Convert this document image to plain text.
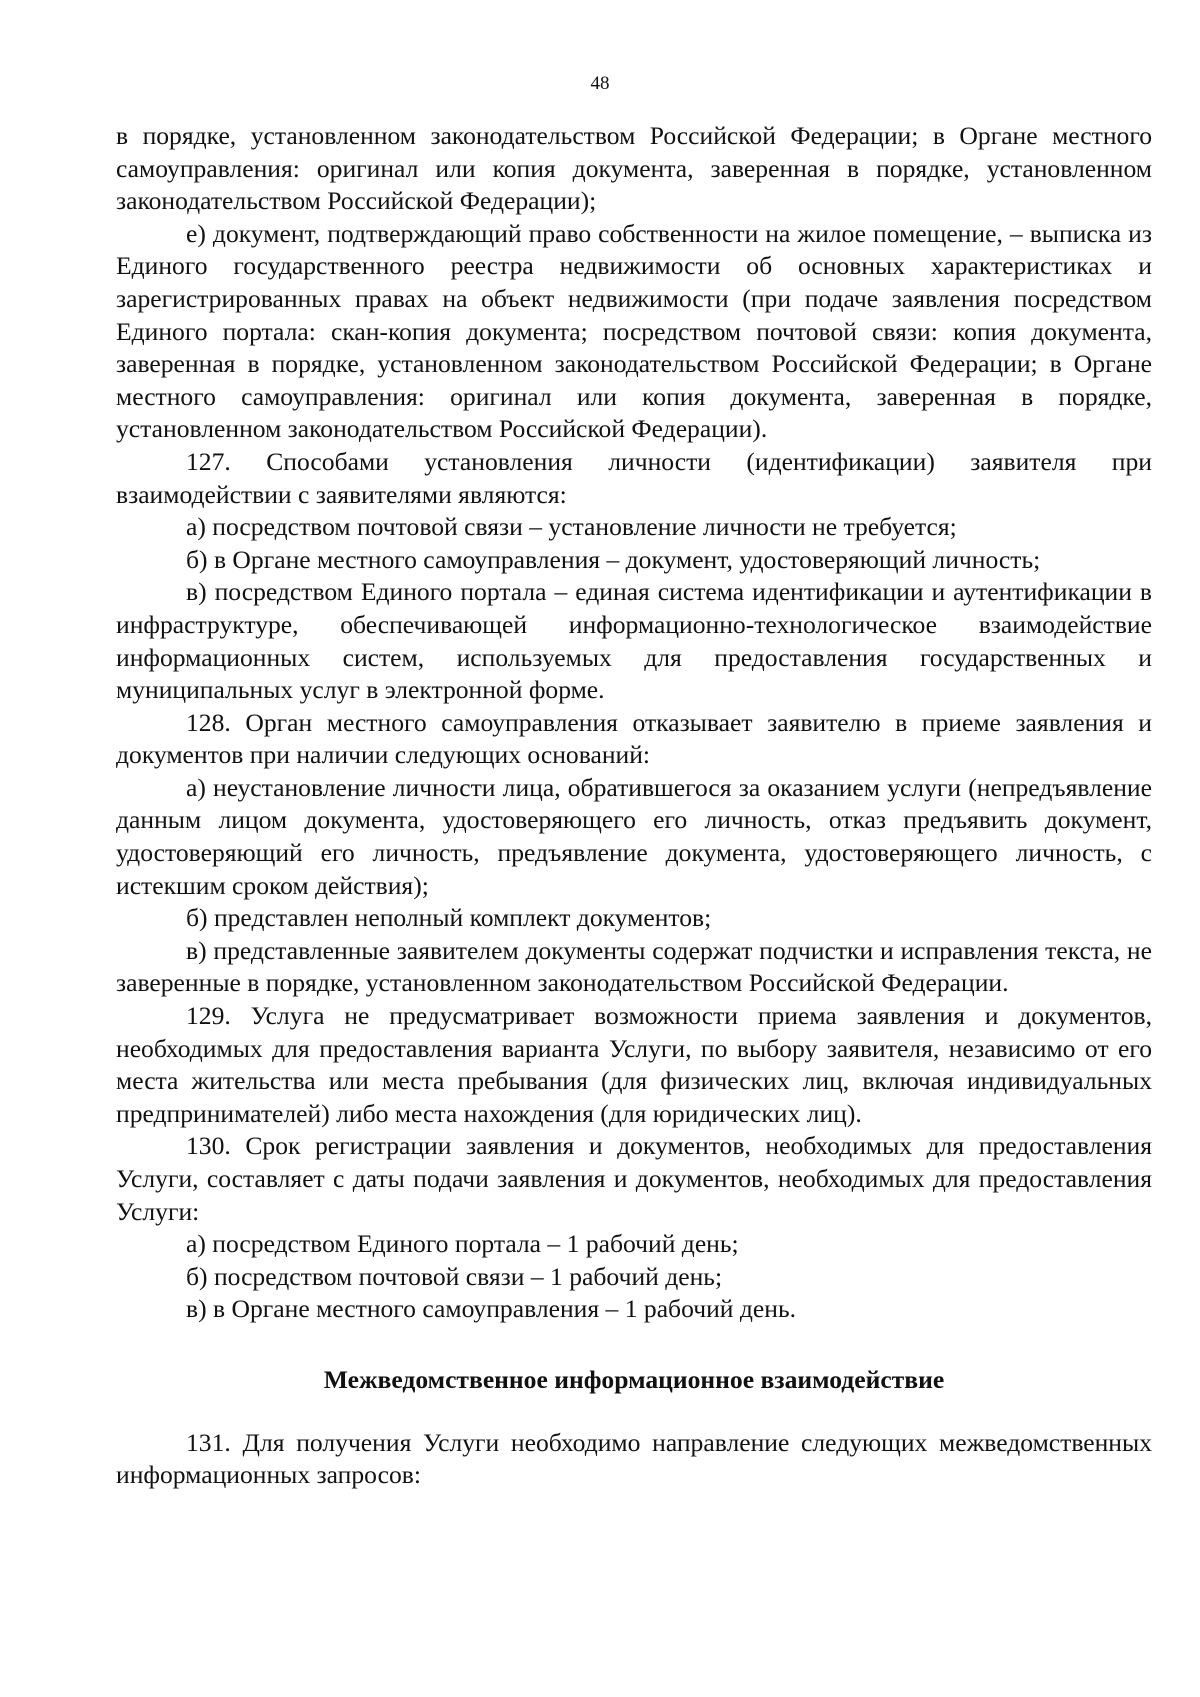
48

в порядке, установленном законодательством Российской Федерации; в Органе местного самоуправления: оригинал или копия документа, заверенная в порядке, установленном законодательством Российской Федерации);

е) документ, подтверждающий право собственности на жилое помещение, – выписка из Единого государственного реестра недвижимости об основных характеристиках и зарегистрированных правах на объект недвижимости (при подаче заявления посредством Единого портала: скан-копия документа; посредством почтовой связи: копия документа, заверенная в порядке, установленном законодательством Российской Федерации; в Органе местного самоуправления: оригинал или копия документа, заверенная в порядке, установленном законодательством Российской Федерации).

127. Способами установления личности (идентификации) заявителя при взаимодействии с заявителями являются:

а) посредством почтовой связи – установление личности не требуется;

б) в Органе местного самоуправления – документ, удостоверяющий личность;

в) посредством Единого портала – единая система идентификации и аутентификации в инфраструктуре, обеспечивающей информационно-технологическое взаимодействие информационных систем, используемых для предоставления государственных и муниципальных услуг в электронной форме.

128. Орган местного самоуправления отказывает заявителю в приеме заявления и документов при наличии следующих оснований:

а) неустановление личности лица, обратившегося за оказанием услуги (непредъявление данным лицом документа, удостоверяющего его личность, отказ предъявить документ, удостоверяющий его личность, предъявление документа, удостоверяющего личность, с истекшим сроком действия);

б) представлен неполный комплект документов;

в) представленные заявителем документы содержат подчистки и исправления текста, не заверенные в порядке, установленном законодательством Российской Федерации.

129. Услуга не предусматривает возможности приема заявления и документов, необходимых для предоставления варианта Услуги, по выбору заявителя, независимо от его места жительства или места пребывания (для физических лиц, включая индивидуальных предпринимателей) либо места нахождения (для юридических лиц).

130. Срок регистрации заявления и документов, необходимых для предоставления Услуги, составляет с даты подачи заявления и документов, необходимых для предоставления Услуги:

а) посредством Единого портала – 1 рабочий день;

б) посредством почтовой связи – 1 рабочий день;

в) в Органе местного самоуправления – 1 рабочий день.

Межведомственное информационное взаимодействие

131. Для получения Услуги необходимо направление следующих межведомственных информационных запросов:
